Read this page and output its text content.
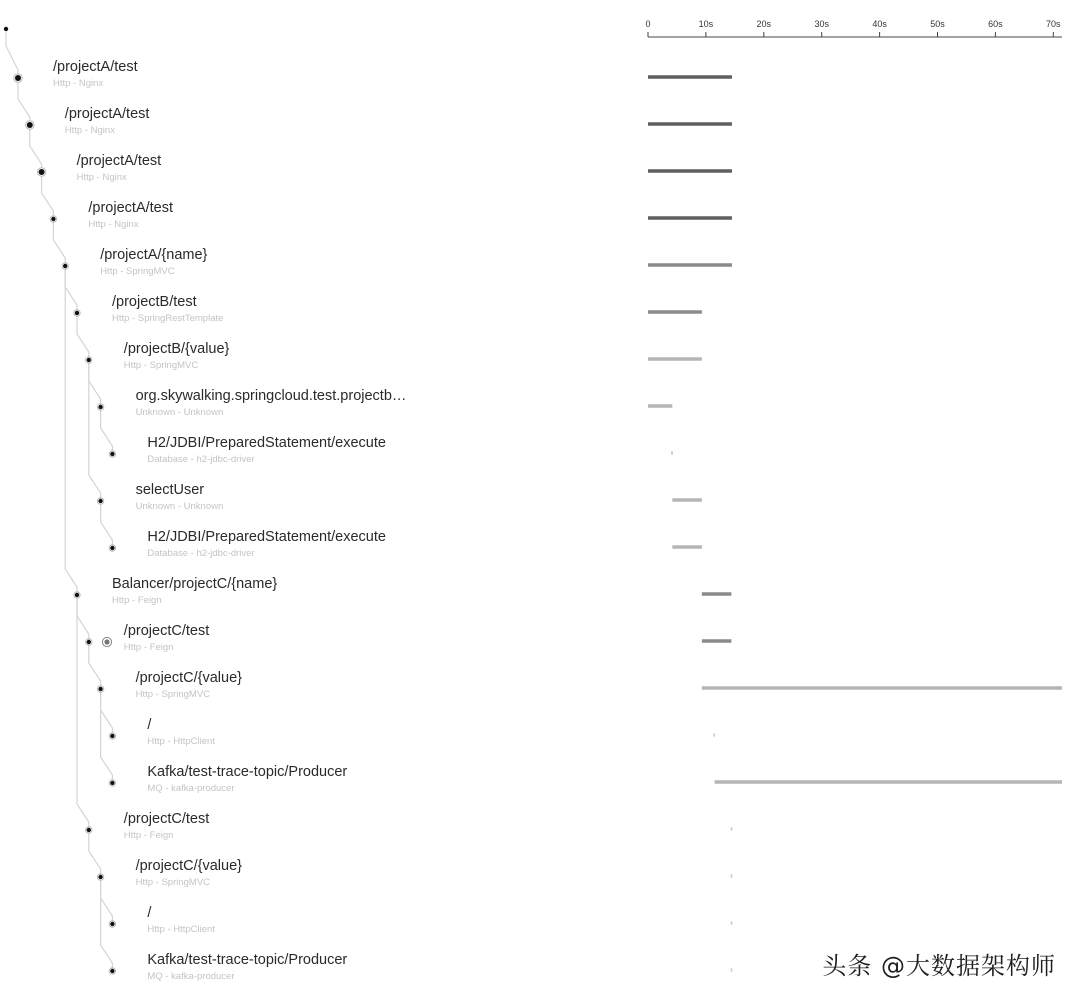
0	10s	20s	30s	40s	50s	60s	70s
/projectA/test
Http - Nginx
/projectA/test
Http - Nginx
/projectA/test
Http - Nginx
/projectA/test
Http - Nginx
/projectA/{name}
Http - SpringMVC
/projectB/test
Http - SpringRestTemplate
/projectB/{value}
Http - SpringMVC
org.skywalking.springcloud.test.projectb…
Unknown - Unknown
H2/JDBI/PreparedStatement/execute
Database - h2-jdbc-driver
selectUser
Unknown - Unknown
H2/JDBI/PreparedStatement/execute
Database - h2-jdbc-driver
Balancer/projectC/{name}
Http - Feign
/projectC/test
Http - Feign
/projectC/{value}
Http - SpringMVC
/
Http - HttpClient
Kafka/test-trace-topic/Producer
MQ - kafka-producer
/projectC/test
Http - Feign
/projectC/{value}
Http - SpringMVC
/
Http - HttpClient
Kafka/test-trace-topic/Producer
MQ - kafka-producer	头条 @大数据架构师
